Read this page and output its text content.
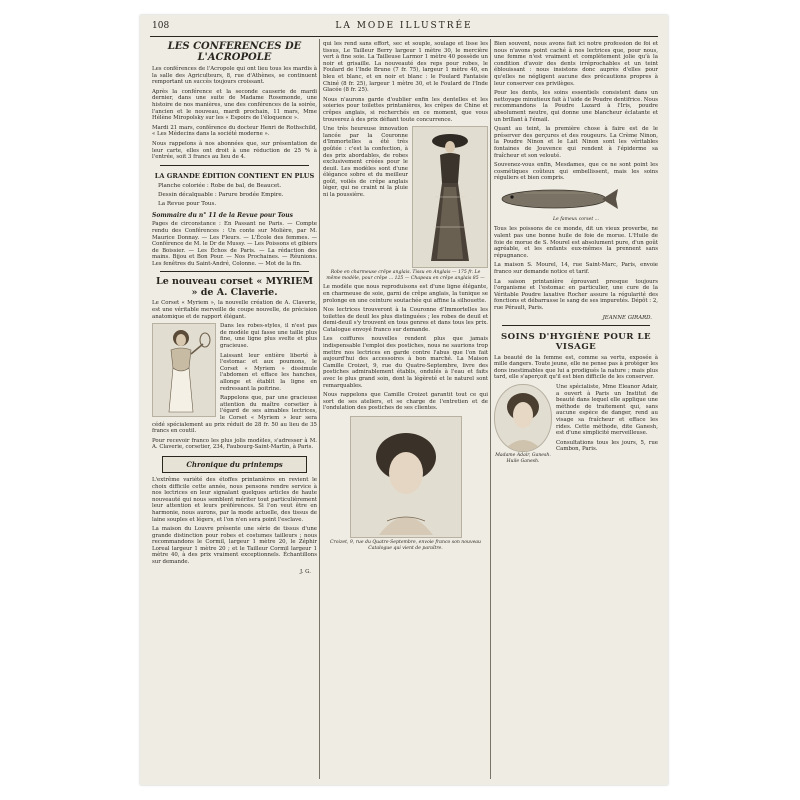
108	LA MODE ILLUSTRÉE
LES CONFÉRENCES DE L'ACROPOLE

Les conférences de l'Acropole qui ont lieu tous les mardis à la salle des Agriculteurs, 8, rue d'Athènes, se continuent remportant un succès toujours croissant.

Après la conférence et la seconde causerie de mardi dernier, dans une suite de Madame Rosemonde, une histoire de nos manières, une des conférences de la soirée, l'ancien et le nouveau, mardi prochain, 11 mars, Mme Hélène Miropolsky sur les « Espoirs de l'éloquence ».

Mardi 21 mars, conférence du docteur Henri de Rothschild, « Les Médecins dans la société moderne ».

Nous rappelons à nos abonnées que, sur présentation de leur carte, elles ont droit à une réduction de 25 % à l'entrée, soit 3 francs au lieu de 4.

LA GRANDE ÉDITION CONTIENT EN PLUS
Planche coloriée : Robe de bal, de Beaucet.
Dessin décalquable : Parure brodée Empire.
La Revue pour Tous.
Sommaire du n° 11 de la Revue pour Tous

Pages de circonstance : En Passant ne Paris. — Compte rendu des Conférences : Un conte sur Molière, par M. Maurice Donnay. — Les Fleurs. — L'École des femmes. — Conférence de M. le Dr de Mussy. — Les Poissons et gibiers de Boissier. — Les Échos de Paris. — La rédaction des mains. Bijou et Bon Pour. — Nos Prochaines. — Réunions. Les fenêtres du Saint-André, Colonne. — Mot de la fin.

Le nouveau corset « MYRIEM » de A. Claverie.

Le Corset « Myriem », la nouvelle création de A. Claverie, est une véritable merveille de coupe nouvelle, de précision anatomique et de rapport élégant.

Dans les robes-styles, il n'est pas de modèle qui fasse une taille plus fine, une ligne plus svelte et plus gracieuse.

Laissant leur entière liberté à l'estomac et aux poumons, le Corset « Myriem » dissimule l'abdomen et efface les hanches, allonge et établit la ligne en redressant la poitrine.

Rappelons que, par une gracieuse attention du maître corsetier à l'égard de ses aimables lectrices, le Corset « Myriem » leur sera cédé spécialement au prix réduit de 28 fr. 50 au lieu de 35 francs en coutil.

Pour recevoir franco les plus jolis modèles, s'adresser à M. A. Claverie, corsetier, 234, Faubourg-Saint-Martin, à Paris.

Chronique du printemps

L'extrême variété des étoffes printanières en revient le choix difficile cette année, nous pensons rendre service à nos lectrices en leur signalant quelques articles de haute nouveauté qui nous semblent mériter tout particulièrement leur attention et leurs préférences. Si l'on veut être en harmonie, nous aurons, par la mode actuelle, des tissus de laine souples et légers, et l'on n'en sera point l'esclave.

La maison du Louvre présente une série de tissus d'une grande distinction pour robes et costumes tailleurs ; nous recommandons le Cormil, largeur 1 mètre 20, le Zéphir Loreal largeur 1 mètre 20 ; et le Tailleur Cormil largeur 1 mètre 40, à des prix vraiment exceptionnels. Échantillons sur demande.

J. G.

qui les rend sans effort, sec et souple, soulage et lisse les tissus, Le Tailleur Berry largeur 1 mètre 30, le mercière vert à fine soie. La Tailleuse Larmor 1 mètre 40 possède un noir et grisaille. La nouveauté des reps pour robes, le Foulard de l'Inde Brune (7 fr. 75), largeur 1 mètre 40, en bleu et blanc, et en noir et blanc : le Foulard Fantaisie Chiné (8 fr. 25), largeur 1 mètre 30, et le Foulard de l'Inde Glacée (8 fr. 25).

Nous n'aurons garde d'oublier enfin les dentelles et les soieries pour toilettes printanières, les crêpes de Chine et crêpes anglais, si recherchés en ce moment, que vous trouverez à des prix défiant toute concurrence.

Une très heureuse innovation lancée par la Couronne d'Immortelles a été très goûtée : c'est la confection, à des prix abordables, de robes exclusivement créées pour le deuil. Les modèles sont d'une élégance sobre et du meilleur goût, voilés de crêpe anglais léger, qui ne craint ni la pluie ni la poussière.

Robe en charmeuse crêpe anglais. Tissu en Anglais — 175 fr. Le même modèle, pour crêpe ... 125 — Chapeau en crêpe anglais 85 —

Le modèle que nous reproduisons est d'une ligne élégante, en charmeuse de soie, garni de crêpe anglais, la tunique se prolonge en une ceinture soutachée qui affine la silhouette.

Nos lectrices trouveront à la Couronne d'Immortelles les toilettes de deuil les plus distinguées ; les robes de deuil et demi-deuil s'y trouvent en tous genres et dans tous les prix. Catalogue envoyé franco sur demande.

Les coiffures nouvelles rendent plus que jamais indispensable l'emploi des postiches, nous ne saurions trop mettre nos lectrices en garde contre l'abus que l'on fait aujourd'hui des accessoires à bon marché. La Maison Camille Croizet, 9, rue du Quatre-Septembre, livre des postiches admirablement établis, ondulés à l'eau et faits avec le plus grand soin, dont la légèreté et le naturel sont remarquables.

Nous rappelons que Camille Croizet garantit tout ce qui sort de ses ateliers, et se charge de l'entretien et de l'ondulation des postiches de ses clientes.

Croizet, 9, rue du Quatre-Septembre, envoie franco son nouveau Catalogue qui vient de paraître.

Bien souvent, nous avons fait ici notre profession de foi et nous n'avons point caché à nos lectrices que, pour nous, une femme n'est vraiment et complètement jolie qu'à la condition d'avoir des dents irréprochables et un teint éblouissant : nous insistons donc auprès d'elles pour qu'elles ne négligent aucune des précautions propres à leur conserver ces privilèges.

Pour les dents, les soins essentiels consistent dans un nettoyage minutieux fait à l'aide de Poudre dentifrice. Nous recommandons la Poudre Lazard à l'Iris, poudre absolument neutre, qui donne une blancheur éclatante et un brillant à l'émail.

Quant au teint, la première chose à faire est de le préserver des gerçures et des rougeurs. La Crème Ninon, la Poudre Ninon et le Lait Ninon sont les véritables fontaines de Jouvence qui rendent à l'épiderme sa fraîcheur et son velouté.

Souvenez-vous enfin, Mesdames, que ce ne sont point les cosmétiques coûteux qui embellissent, mais les soins réguliers et bien compris.

Le fameux corset ...

Tous les poissons de ce monde, dit un vieux proverbe, ne valent pas une bonne huile de foie de morue. L'Huile de foie de morue de S. Mourel est absolument pure, d'un goût agréable, et les enfants eux-mêmes la prennent sans répugnance.

La maison S. Mourel, 14, rue Saint-Marc, Paris, envoie franco sur demande notice et tarif.

La saison printanière éprouvant presque toujours l'organisme et l'estomac en particulier, une cure de la Véritable Poudre laxative Rocher assure la régularité des fonctions et débarrasse le sang de ses impuretés. Dépôt : 2, rue Pérault, Paris.

JEANNE GIRARD.
SOINS D'HYGIÈNE POUR LE VISAGE

La beauté de la femme est, comme sa vertu, exposée à mille dangers. Toute jeune, elle ne pense pas à protéger les dons inestimables que lui a prodigués la nature ; mais plus tard, elle s'aperçoit qu'il est bien difficile de les conserver.

Madame Adair, Ganesh. Huile Ganesh.

Une spécialiste, Mme Eleanor Adair, a ouvert à Paris un Institut de beauté dans lequel elle applique une méthode de traitement qui, sans aucune espèce de danger, rend au visage sa fraîcheur et efface les rides. Cette méthode, dite Ganesh, est d'une simplicité merveilleuse.

Consultations tous les jours, 5, rue Cambon, Paris.
